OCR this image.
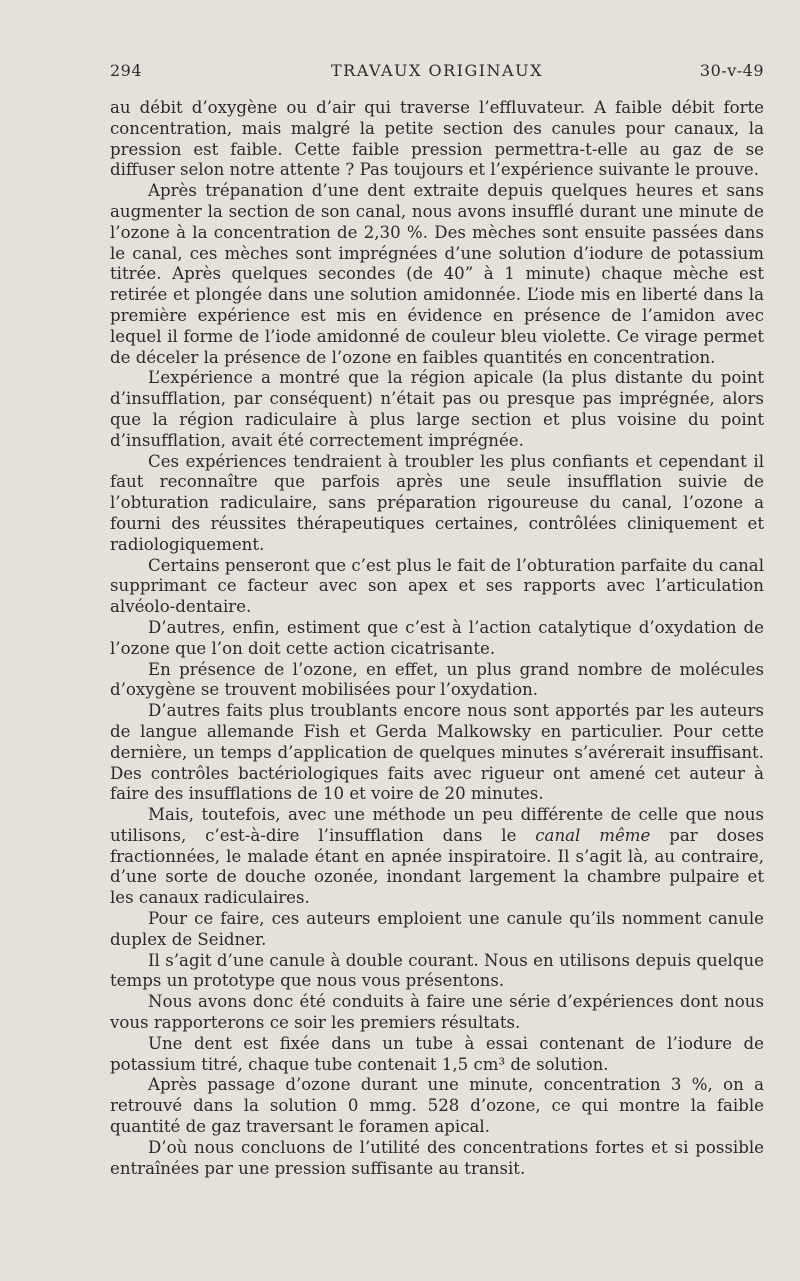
294	TRAVAUX ORIGINAUX	30-v-49

au débit d’oxygène ou d’air qui traverse l’effluvateur. A faible débit forte concentration, mais malgré la petite section des canules pour canaux, la pression est faible. Cette faible pression permettra-t-elle au gaz de se diffuser selon notre attente ? Pas toujours et l’expérience suivante le prouve.

Après trépanation d’une dent extraite depuis quelques heures et sans augmenter la section de son canal, nous avons insufflé durant une minute de l’ozone à la concentration de 2,30 %. Des mèches sont ensuite passées dans le canal, ces mèches sont imprégnées d’une solution d’iodure de potassium titrée. Après quelques secondes (de 40” à 1 minute) chaque mèche est retirée et plongée dans une solution amidonnée. L’iode mis en liberté dans la première expérience est mis en évidence en présence de l’amidon avec lequel il forme de l’iode amidonné de couleur bleu violette. Ce virage permet de déceler la présence de l’ozone en faibles quantités en concentration.

L’expérience a montré que la région apicale (la plus distante du point d’insufflation, par conséquent) n’était pas ou presque pas imprégnée, alors que la région radiculaire à plus large section et plus voisine du point d’insufflation, avait été correctement imprégnée.

Ces expériences tendraient à troubler les plus confiants et cependant il faut reconnaître que parfois après une seule insufflation suivie de l’obturation radiculaire, sans préparation rigoureuse du canal, l’ozone a fourni des réussites thérapeutiques certaines, contrôlées cliniquement et radiologiquement.

Certains penseront que c’est plus le fait de l’obturation parfaite du canal supprimant ce facteur avec son apex et ses rapports avec l’articulation alvéolo-dentaire.

D’autres, enfin, estiment que c’est à l’action catalytique d’oxydation de l’ozone que l’on doit cette action cicatrisante.

En présence de l’ozone, en effet, un plus grand nombre de molécules d’oxygène se trouvent mobilisées pour l’oxydation.

D’autres faits plus troublants encore nous sont apportés par les auteurs de langue allemande Fish et Gerda Malkowsky en particulier. Pour cette dernière, un temps d’application de quelques minutes s’avérerait insuffisant. Des contrôles bactériologiques faits avec rigueur ont amené cet auteur à faire des insufflations de 10 et voire de 20 minutes.

Mais, toutefois, avec une méthode un peu différente de celle que nous utilisons, c’est-à-dire l’insufflation dans le canal même par doses fractionnées, le malade étant en apnée inspiratoire. Il s’agit là, au contraire, d’une sorte de douche ozonée, inondant largement la chambre pulpaire et les canaux radiculaires.

Pour ce faire, ces auteurs emploient une canule qu’ils nomment canule duplex de Seidner.

Il s’agit d’une canule à double courant. Nous en utilisons depuis quelque temps un prototype que nous vous présentons.

Nous avons donc été conduits à faire une série d’expériences dont nous vous rapporterons ce soir les premiers résultats.

Une dent est fixée dans un tube à essai contenant de l’iodure de potassium titré, chaque tube contenait 1,5 cm³ de solution.

Après passage d’ozone durant une minute, concentration 3 %, on a retrouvé dans la solution 0 mmg. 528 d’ozone, ce qui montre la faible quantité de gaz traversant le foramen apical.

D’où nous concluons de l’utilité des concentrations fortes et si possible entraînées par une pression suffisante au transit.
